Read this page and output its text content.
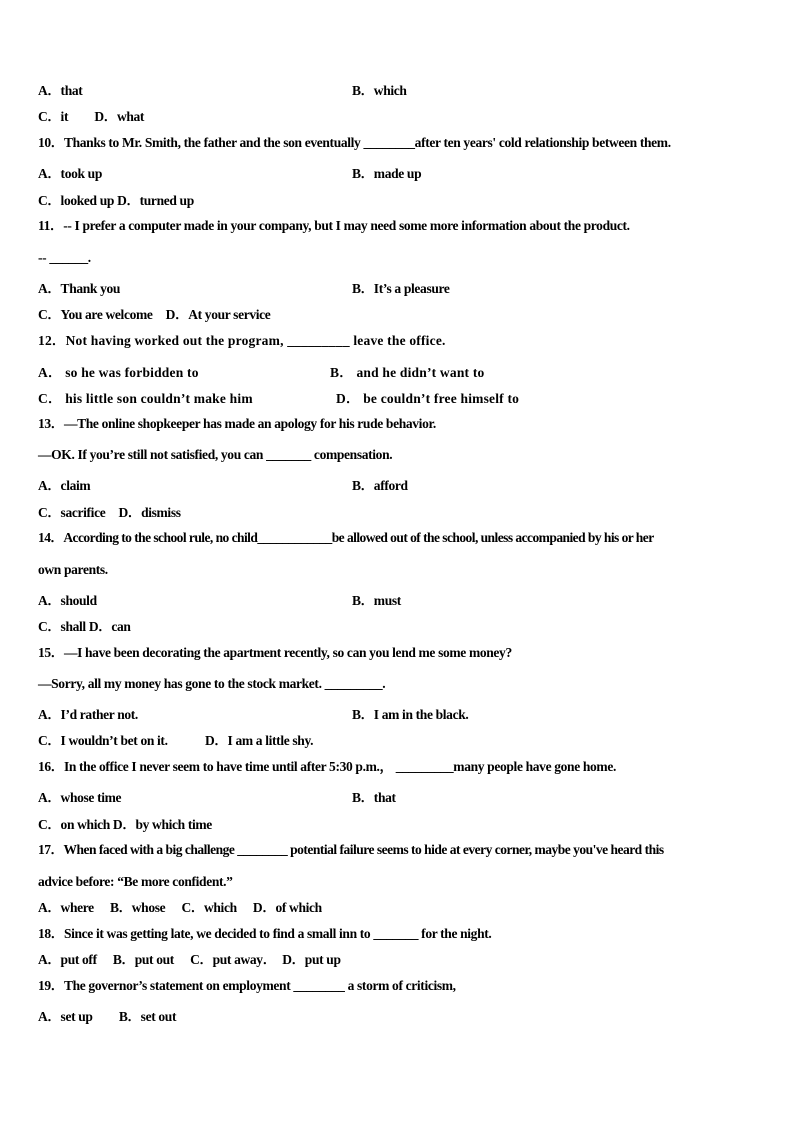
A．that	B．which
C．it　　D．what
10．Thanks to Mr. Smith, the father and the son eventually ________after ten years' cold relationship between them.
A．took up	B．made up
C．looked up D．turned up
11．-- I prefer a computer made in your company, but I may need some more information about the product.
-- ______.
A．Thank you	B．It’s a pleasure
C．You are welcome　D．At your service
12．Not having worked out the program, _________ leave the office.
A． so he was forbidden to	B． and he didn’t want to
C． his little son couldn’t make him	D． be couldn’t free himself to
13．—The online shopkeeper has made an apology for his rude behavior.
—OK. If you’re still not satisfied, you can _______ compensation.
A．claim	B．afford
C．sacrifice　D．dismiss
14．According to the school rule, no child____________be allowed out of the school, unless accompanied by his or her
own parents.
A．should	B．must
C．shall D．can
15．—I have been decorating the apartment recently, so can you lend me some money?
—Sorry, all my money has gone to the stock market. _________.
A．I’d rather not.	B．I am in the black.
C．I wouldn’t bet on it.	D．I am a little shy.
16．In the office I never seem to have time until after 5:30 p.m.， _________many people have gone home.
A．whose time	B．that
C．on which D．by which time
17．When faced with a big challenge ________ potential failure seems to hide at every corner, maybe you've heard this
advice before: “Be more confident.”
A．where　 B．whose　 C．which　 D．of which
18．Since it was getting late, we decided to find a small inn to _______ for the night.
A．put off　 B．put out　 C．put away．　D．put up
19．The governor’s statement on employment ________ a storm of criticism,
A．set up　　B．set out
